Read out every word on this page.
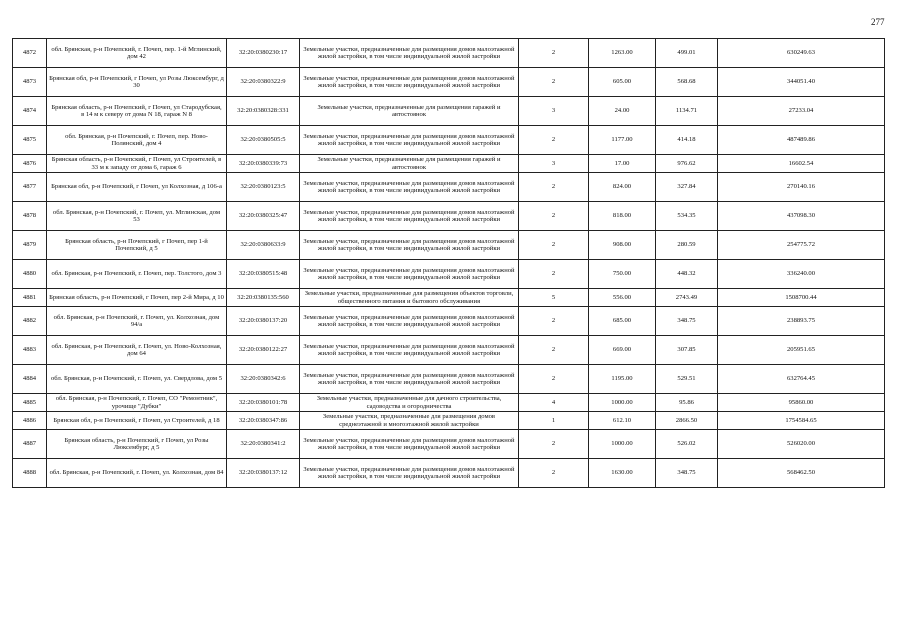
277
4872	обл. Брянская, р-н Почепский, г. Почеп, пер. 1-й Мглинский, дом 42	32:20:0380230:17	Земельные участки, предназначенные для размещения домов малоэтажной жилой застройки, в том числе индивидуальной жилой застройки	2	1263.00	499.01	630249.63
4873	Брянская обл, р-н Почепский, г Почеп, ул Розы Люксембург, д 30	32:20:0380322:9	Земельные участки, предназначенные для размещения домов малоэтажной жилой застройки, в том числе индивидуальной жилой застройки	2	605.00	568.68	344051.40
4874	Брянская область, р-н Почепский, г Почеп, ул Стародубская, в 14 м к северу от дома N 18, гараж N 8	32:20:0380328:331	Земельные участки, предназначенные для размещения гаражей и автостоянок	3	24.00	1134.71	27233.04
4875	обл. Брянская, р-н Почепский, г. Почеп, пер. Ново-Полянский, дом 4	32:20:0380505:5	Земельные участки, предназначенные для размещения домов малоэтажной жилой застройки, в том числе индивидуальной жилой застройки	2	1177.00	414.18	487489.86
4876	Брянская область, р-н Почепский, г Почеп, ул Строителей, в 33 м к западу от дома 6, гараж 6	32:20:0380339:73	Земельные участки, предназначенные для размещения гаражей и автостоянок	3	17.00	976.62	16602.54
4877	Брянская обл, р-н Почепский, г Почеп, ул Колхозная, д 106-а	32:20:0380123:5	Земельные участки, предназначенные для размещения домов малоэтажной жилой застройки, в том числе индивидуальной жилой застройки	2	824.00	327.84	270140.16
4878	обл. Брянская, р-н Почепский, г. Почеп, ул. Мглинская, дом 53	32:20:0380325:47	Земельные участки, предназначенные для размещения домов малоэтажной жилой застройки, в том числе индивидуальной жилой застройки	2	818.00	534.35	437098.30
4879	Брянская область, р-н Почепский, г Почеп, пер 1-й Почепский, д 5	32:20:0380633:9	Земельные участки, предназначенные для размещения домов малоэтажной жилой застройки, в том числе индивидуальной жилой застройки	2	908.00	280.59	254775.72
4880	обл. Брянская, р-н Почепский, г. Почеп, пер. Толстого, дом 3	32:20:0380515:48	Земельные участки, предназначенные для размещения домов малоэтажной жилой застройки, в том числе индивидуальной жилой застройки	2	750.00	448.32	336240.00
4881	Брянская область, р-н Почепский, г Почеп, пер 2-й Мира, д 10	32:20:0380135:560	Земельные участки, предназначенные для размещения объектов торговли, общественного питания и бытового обслуживания	5	556.00	2743.49	1508700.44
4882	обл. Брянская, р-н Почепский, г. Почеп, ул. Колхозная, дом 94/а	32:20:0380137:20	Земельные участки, предназначенные для размещения домов малоэтажной жилой застройки, в том числе индивидуальной жилой застройки	2	685.00	348.75	238893.75
4883	обл. Брянская, р-н Почепский, г. Почеп, ул. Ново-Колхозная, дом 64	32:20:0380122:27	Земельные участки, предназначенные для размещения домов малоэтажной жилой застройки, в том числе индивидуальной жилой застройки	2	669.00	307.85	205951.65
4884	обл. Брянская, р-н Почепский, г. Почеп, ул. Свердлова, дом 5	32:20:0380342:6	Земельные участки, предназначенные для размещения домов малоэтажной жилой застройки, в том числе индивидуальной жилой застройки	2	1195.00	529.51	632764.45
4885	обл. Брянская, р-н Почепский, г. Почеп, СО "Ремонтник", урочище "Дубки"	32:20:0380101:78	Земельные участки, предназначенные для дачного строительства, садоводства и огородничества	4	1000.00	95.86	95860.00
4886	Брянская обл, р-н Почепский, г Почеп, ул Строителей, д 18	32:20:0380347:86	Земельные участки, предназначенные для размещения домов среднеэтажной и многоэтажной жилой застройки	1	612.10	2866.50	1754584.65
4887	Брянская область, р-н Почепский, г Почеп, ул Розы Люксембург, д 5	32:20:0380341:2	Земельные участки, предназначенные для размещения домов малоэтажной жилой застройки, в том числе индивидуальной жилой застройки	2	1000.00	526.02	526020.00
4888	обл. Брянская, р-н Почепский, г. Почеп, ул. Колхозная, дом 84	32:20:0380137:12	Земельные участки, предназначенные для размещения домов малоэтажной жилой застройки, в том числе индивидуальной жилой застройки	2	1630.00	348.75	568462.50
